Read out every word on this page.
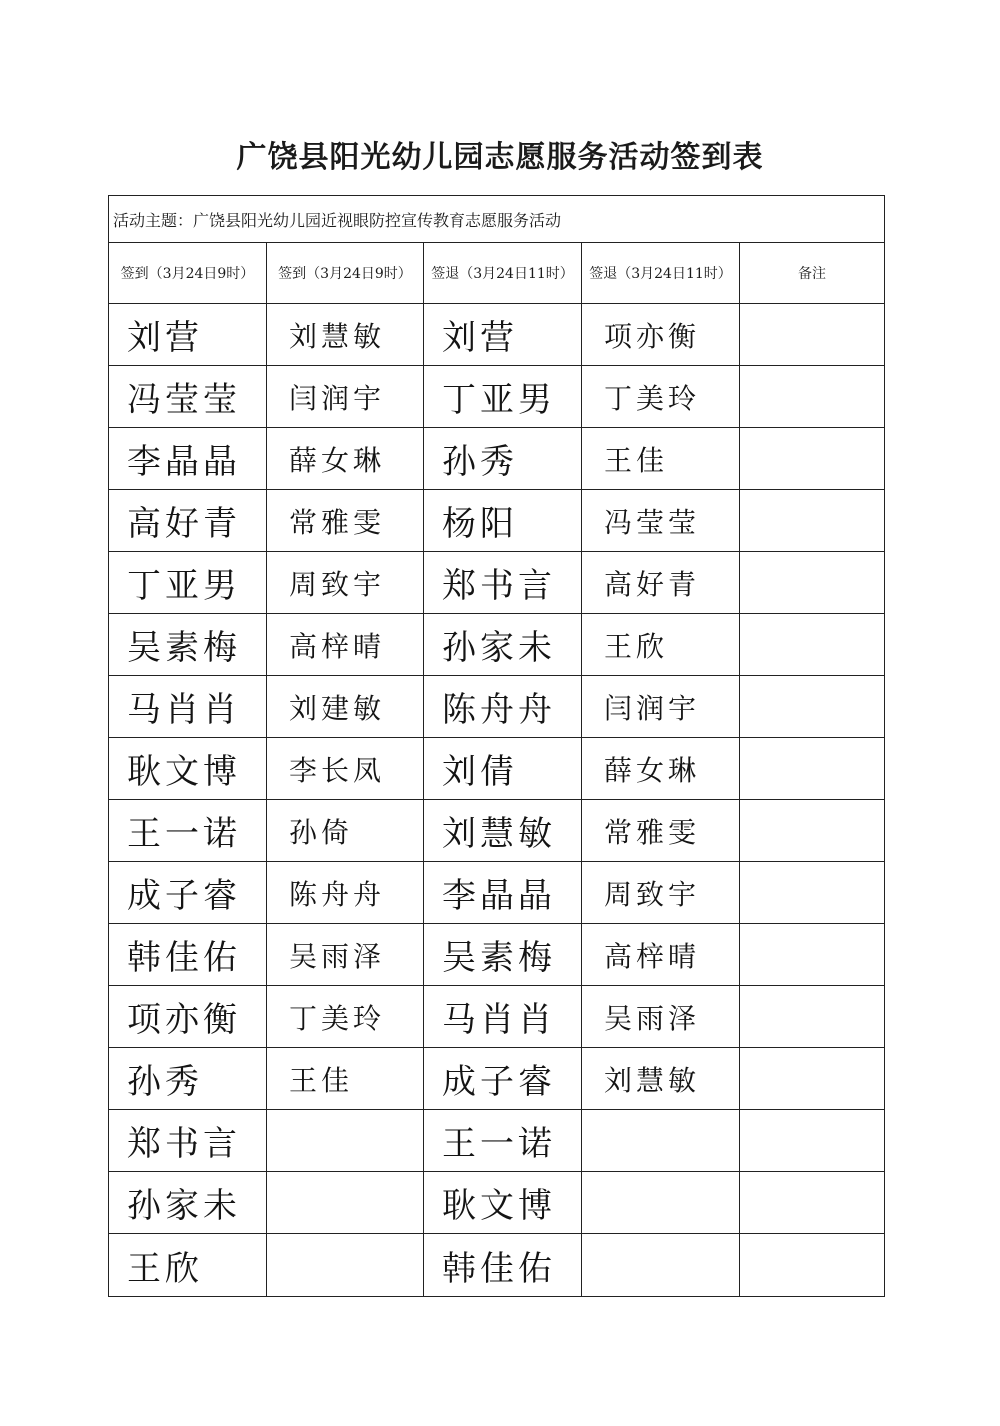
广饶县阳光幼儿园志愿服务活动签到表
活动主题：广饶县阳光幼儿园近视眼防控宣传教育志愿服务活动				
签到（3月24日9时）	签到（3月24日9时）	签退（3月24日11时）	签退（3月24日11时）	备注

刘营	刘慧敏	刘营	项亦衡	

冯莹莹	闫润宇	丁亚男	丁美玲	

李晶晶	薛女琳	孙秀	王佳	

高好青	常雅雯	杨阳	冯莹莹	

丁亚男	周致宇	郑书言	高好青	

吴素梅	高梓晴	孙家未	王欣	

马肖肖	刘建敏	陈舟舟	闫润宇	

耿文博	李长凤	刘倩	薛女琳	

王一诺	孙倚	刘慧敏	常雅雯	

成子睿	陈舟舟	李晶晶	周致宇	

韩佳佑	吴雨泽	吴素梅	高梓晴	

项亦衡	丁美玲	马肖肖	吴雨泽	

孙秀	王佳	成子睿	刘慧敏	

郑书言		王一诺		

孙家未		耿文博		

王欣		韩佳佑		
